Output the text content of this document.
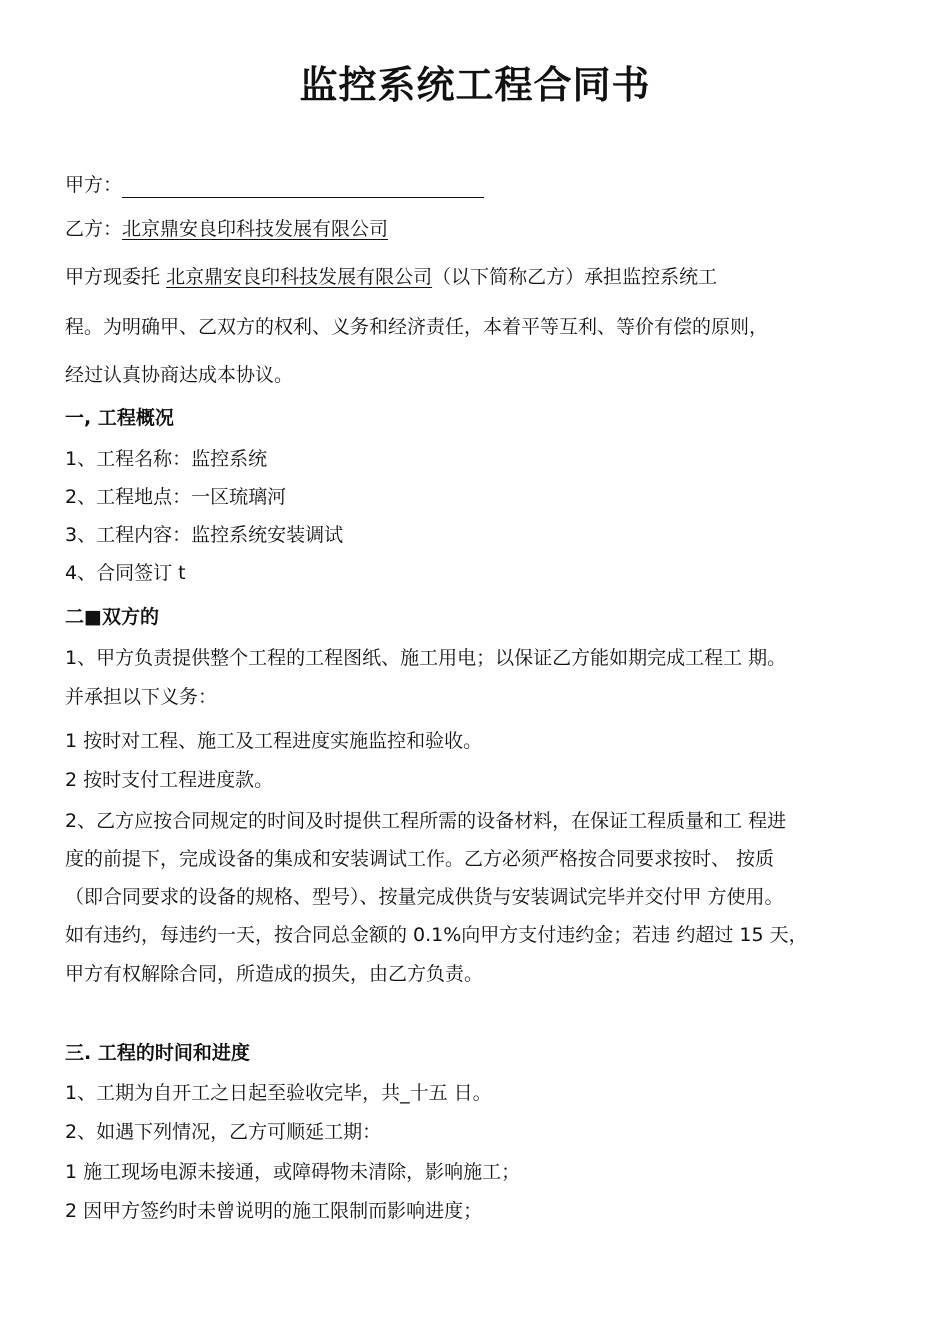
监控系统工程合同书
甲方：
乙方：北京鼎安良印科技发展有限公司
甲方现委托 北京鼎安良印科技发展有限公司（以下简称乙方）承担监控系统工
程。为明确甲、乙双方的权利、义务和经济责任，本着平等互利、等价有偿的原则，
经过认真协商达成本协议。
一, 工程概况
1、工程名称：监控系统
2、工程地点：一区琉璃河
3、工程内容：监控系统安装调试
4、合同签订 t
二■双方的
1、甲方负责提供整个工程的工程图纸、施工用电；以保证乙方能如期完成工程工 期。
并承担以下义务：
1 按时对工程、施工及工程进度实施监控和验收。
2 按时支付工程进度款。
2、乙方应按合同规定的时间及时提供工程所需的设备材料，在保证工程质量和工 程进
度的前提下，完成设备的集成和安装调试工作。乙方必须严格按合同要求按时、 按质
（即合同要求的设备的规格、型号）、按量完成供货与安装调试完毕并交付甲 方使用。
如有违约，每违约一天，按合同总金额的 0.1%向甲方支付违约金；若违 约超过 15 天，
甲方有权解除合同，所造成的损失，由乙方负责。
三. 工程的时间和进度
1、工期为自开工之日起至验收完毕，共_十五 日。
2、如遇下列情况，乙方可顺延工期：
1 施工现场电源未接通，或障碍物未清除，影响施工；
2 因甲方签约时未曾说明的施工限制而影响进度；
